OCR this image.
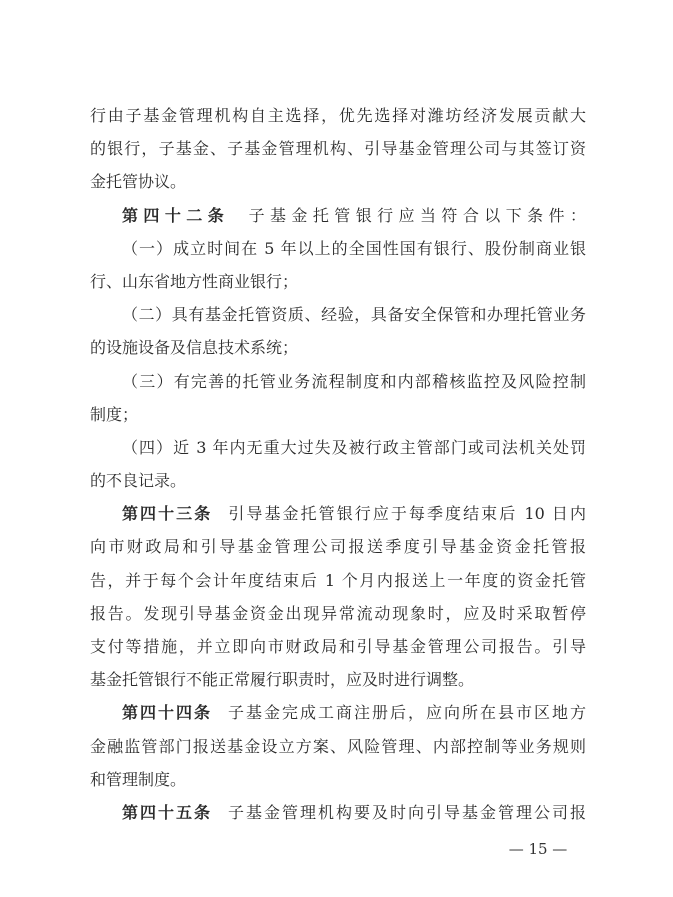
行由子基金管理机构自主选择，优先选择对潍坊经济发展贡献大
的银行，子基金、子基金管理机构、引导基金管理公司与其签订资
金托管协议。
第四十二条 子基金托管银行应当符合以下条件：
（一）成立时间在 5 年以上的全国性国有银行、股份制商业银
行、山东省地方性商业银行；
（二）具有基金托管资质、经验，具备安全保管和办理托管业务
的设施设备及信息技术系统；
（三）有完善的托管业务流程制度和内部稽核监控及风险控制
制度；
（四）近 3 年内无重大过失及被行政主管部门或司法机关处罚
的不良记录。
第四十三条 引导基金托管银行应于每季度结束后 10 日内
向市财政局和引导基金管理公司报送季度引导基金资金托管报
告，并于每个会计年度结束后 1 个月内报送上一年度的资金托管
报告。发现引导基金资金出现异常流动现象时，应及时采取暂停
支付等措施，并立即向市财政局和引导基金管理公司报告。引导
基金托管银行不能正常履行职责时，应及时进行调整。
第四十四条 子基金完成工商注册后，应向所在县市区地方
金融监管部门报送基金设立方案、风险管理、内部控制等业务规则
和管理制度。
第四十五条 子基金管理机构要及时向引导基金管理公司报
— 15 —
